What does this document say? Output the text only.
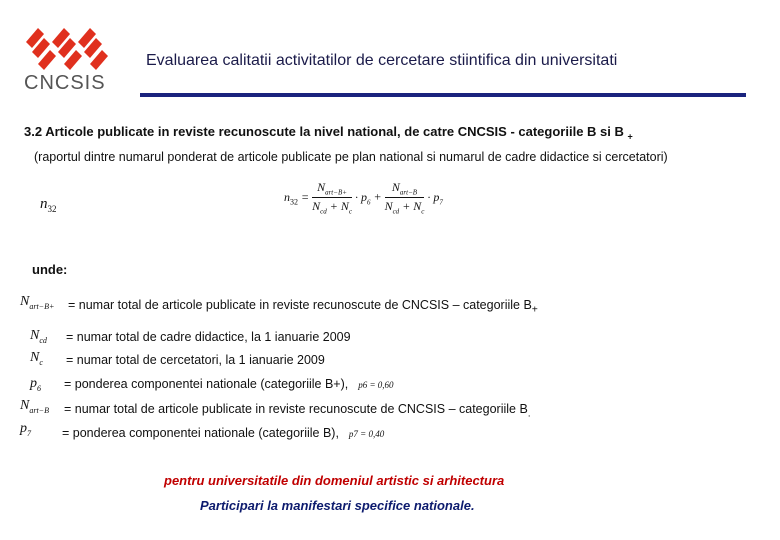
CNCSIS
Evaluarea calitatii activitatilor de cercetare stiintifica din universitati
3.2 Articole publicate in reviste recunoscute la nivel national, de catre CNCSIS - categoriile B si B $_+$
(raportul dintre numarul ponderat de articole publicate pe plan national si numarul de cadre didactice si cercetatori)
$n_{32}$
$n_{32} = \frac{N_{art-B+}}{N_{cd} + N_c} \cdot p_6 + \frac{N_{art-B}}{N_{cd} + N_c} \cdot p_7$
unde:
$N_{art-B+}$ = numar total de articole publicate in reviste recunoscute de CNCSIS – categoriile $B_+$
$N_{cd}$ = numar total de cadre didactice, la 1 ianuarie 2009
$N_c$ = numar total de cercetatori, la 1 ianuarie 2009
$p_6$ = ponderea componentei nationale (categoriile B+), p6 = 0,60
$N_{art-B}$ = numar total de articole publicate in reviste recunoscute de CNCSIS – categoriile $B_.$
$p_7$ = ponderea componentei nationale (categoriile B), p7 = 0,40
pentru universitatile din domeniul artistic si arhitectura
Participari la manifestari specifice nationale.
